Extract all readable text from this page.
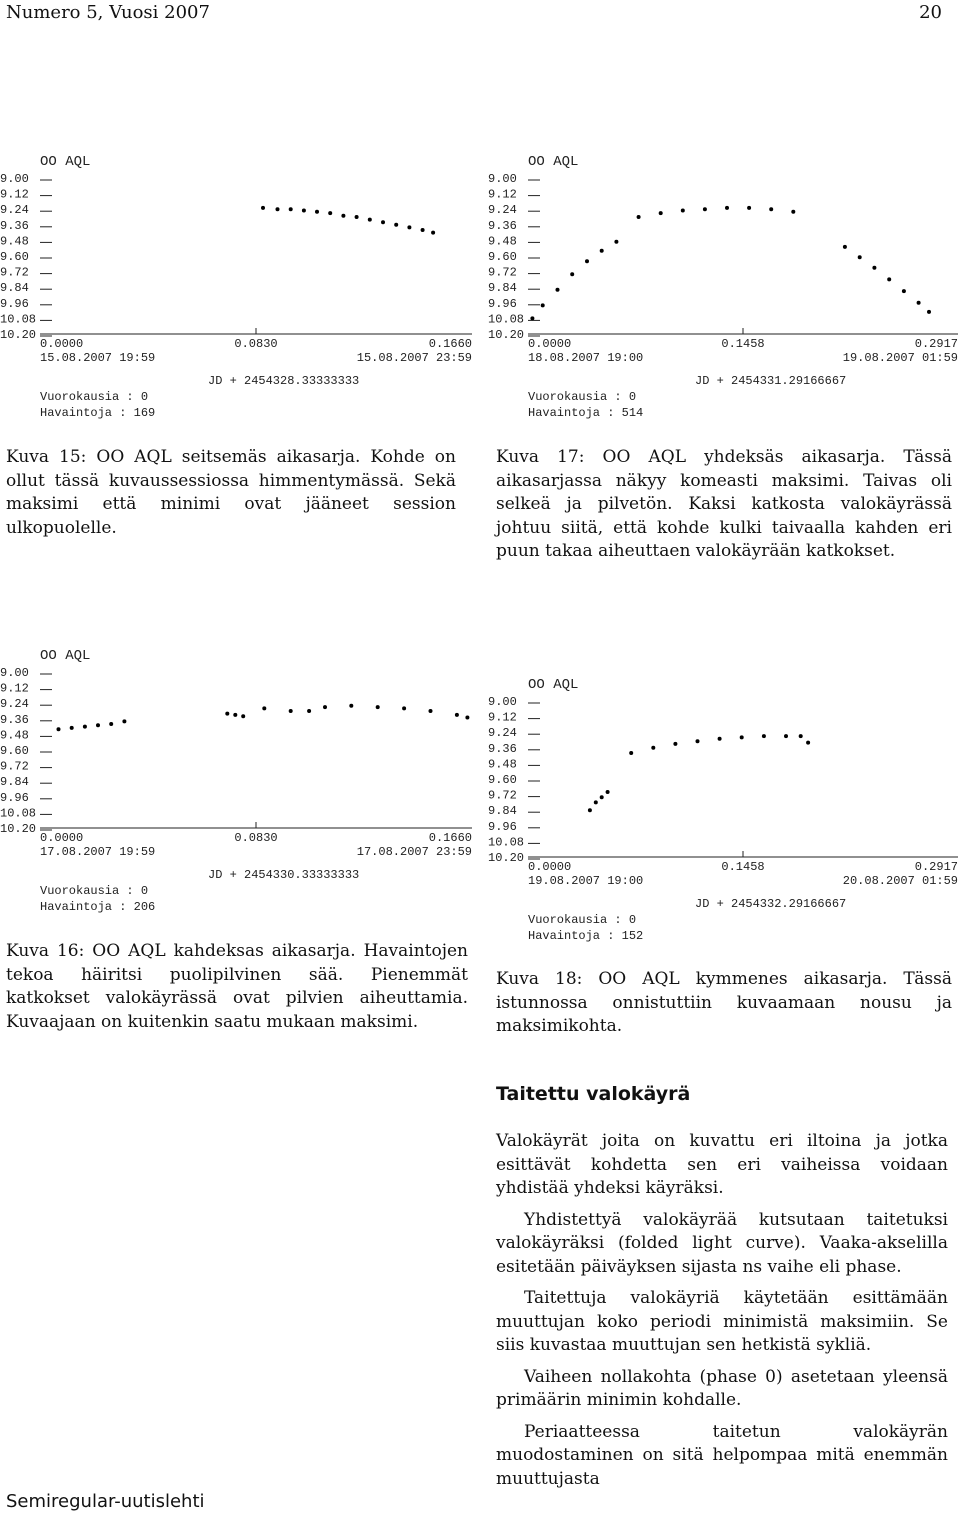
Numero 5, Vuosi 2007	20
OO AQL
9.00
9.12
9.24
9.36
9.48
9.60
9.72
9.84
9.96
10.08
10.20
0.0000	0.0830	0.1660
15.08.2007 19:59	15.08.2007 23:59
JD + 2454328.33333333
Vuorokausia : 0
Havaintoja : 169
OO AQL
9.00
9.12
9.24
9.36
9.48
9.60
9.72
9.84
9.96
10.08
10.20
0.0000	0.1458	0.2917
18.08.2007 19:00	19.08.2007 01:59
JD + 2454331.29166667
Vuorokausia : 0
Havaintoja : 514
Kuva 15: OO AQL seitsemäs aikasarja. Kohde on ollut tässä kuvaussessiossa himmentymässä. Sekä maksimi että minimi ovat jääneet session ulkopuolelle.
Kuva 17: OO AQL yhdeksäs aikasarja. Tässä aikasarjassa näkyy komeasti maksimi. Taivas oli selkeä ja pilvetön. Kaksi katkosta valokäyrässä johtuu siitä, että kohde kulki taivaalla kahden eri puun takaa aiheuttaen valokäyrään katkokset.
OO AQL
9.00
9.12
9.24
9.36
9.48
9.60
9.72
9.84
9.96
10.08
10.20
0.0000	0.0830	0.1660
17.08.2007 19:59	17.08.2007 23:59
JD + 2454330.33333333
Vuorokausia : 0
Havaintoja : 206
OO AQL
9.00
9.12
9.24
9.36
9.48
9.60
9.72
9.84
9.96
10.08
10.20
0.0000	0.1458	0.2917
19.08.2007 19:00	20.08.2007 01:59
JD + 2454332.29166667
Vuorokausia : 0
Havaintoja : 152
Kuva 16: OO AQL kahdeksas aikasarja. Havaintojen tekoa häiritsi puolipilvinen sää. Pienemmät katkokset valokäyrässä ovat pilvien aiheuttamia. Kuvaajaan on kuitenkin saatu mukaan maksimi.
Kuva 18: OO AQL kymmenes aikasarja. Tässä istunnossa onnistuttiin kuvaamaan nousu ja maksimikohta.
Taitettu valokäyrä

Valokäyrät joita on kuvattu eri iltoina ja jotka esittävät kohdetta sen eri vaiheissa voidaan yhdistää yhdeksi käyräksi.

Yhdistettyä valokäyrää kutsutaan taitetuksi valokäyräksi (folded light curve). Vaaka-akselilla esitetään päiväyksen sijasta ns vaihe eli phase.

Taitettuja valokäyriä käytetään esittämään muuttujan koko periodi minimistä maksimiin. Se siis kuvastaa muuttujan sen hetkistä sykliä.

Vaiheen nollakohta (phase 0) asetetaan yleensä primäärin minimin kohdalle.

Periaatteessa taitetun valokäyrän muodostaminen on sitä helpompaa mitä enemmän muuttujasta

Semiregular-uutislehti
